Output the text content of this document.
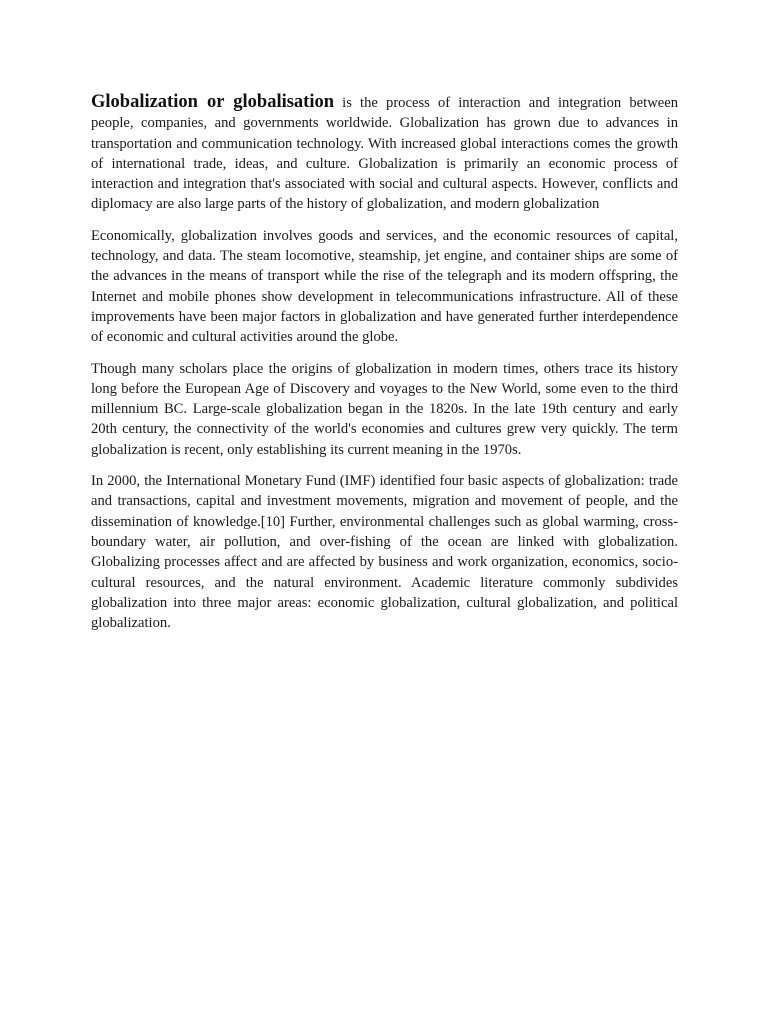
Globalization or globalisation is the process of interaction and integration between people, companies, and governments worldwide. Globalization has grown due to advances in transportation and communication technology. With increased global interactions comes the growth of international trade, ideas, and culture. Globalization is primarily an economic process of interaction and integration that's associated with social and cultural aspects. However, conflicts and diplomacy are also large parts of the history of globalization, and modern globalization

Economically, globalization involves goods and services, and the economic resources of capital, technology, and data. The steam locomotive, steamship, jet engine, and container ships are some of the advances in the means of transport while the rise of the telegraph and its modern offspring, the Internet and mobile phones show development in telecommunications infrastructure. All of these improvements have been major factors in globalization and have generated further interdependence of economic and cultural activities around the globe.

Though many scholars place the origins of globalization in modern times, others trace its history long before the European Age of Discovery and voyages to the New World, some even to the third millennium BC. Large-scale globalization began in the 1820s. In the late 19th century and early 20th century, the connectivity of the world's economies and cultures grew very quickly. The term globalization is recent, only establishing its current meaning in the 1970s.

In 2000, the International Monetary Fund (IMF) identified four basic aspects of globalization: trade and transactions, capital and investment movements, migration and movement of people, and the dissemination of knowledge.[10] Further, environmental challenges such as global warming, cross-boundary water, air pollution, and over-fishing of the ocean are linked with globalization. Globalizing processes affect and are affected by business and work organization, economics, socio-cultural resources, and the natural environment. Academic literature commonly subdivides globalization into three major areas: economic globalization, cultural globalization, and political globalization.
